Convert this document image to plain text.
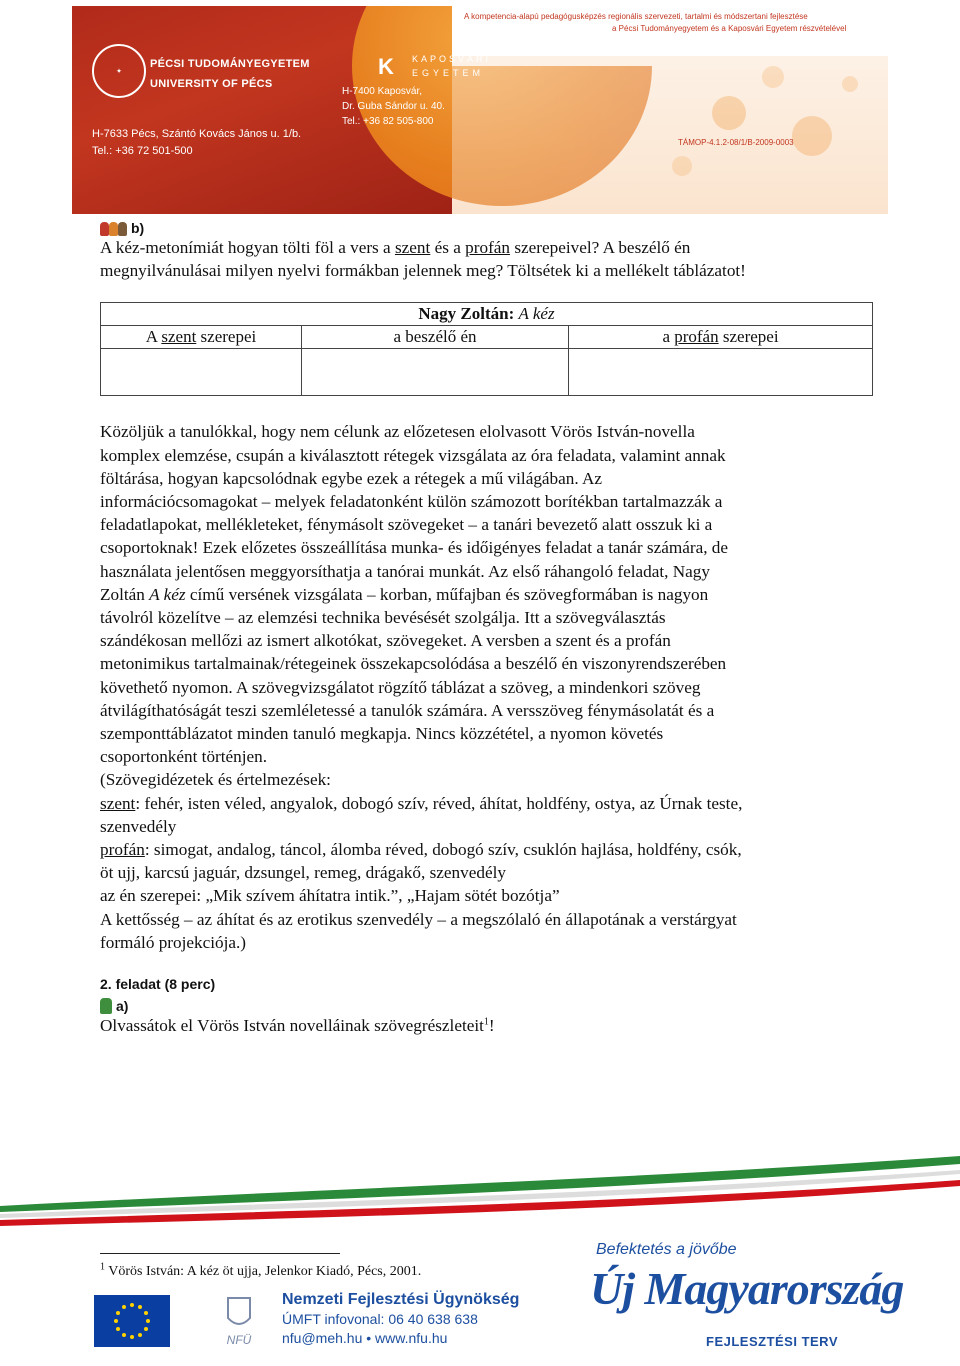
A kompetencia-alapú pedagógusképzés regionális szervezeti, tartalmi és módszertani fejlesztése
a Pécsi Tudományegyetem és a Kaposvári Egyetem részvételével
✦
PÉCSI TUDOMÁNYEGYETEM
UNIVERSITY OF PÉCS
H-7633 Pécs, Szántó Kovács János u. 1/b.
Tel.: +36 72 501-500
K	KAPOSVÁRI
EGYETEM
H-7400 Kaposvár,
Dr. Guba Sándor u. 40.
Tel.: +36 82 505-800
TÁMOP-4.1.2-08/1/B-2009-0003
b)

A kéz-metonímiát hogyan tölti föl a vers a szent és a profán szerepeivel? A beszélő én
megnyilvánulásai milyen nyelvi formákban jelennek meg? Töltsétek ki a mellékelt táblázatot!

Nagy Zoltán: A kéz		
A szent szerepei	a beszélő én	a profán szerepei

Közöljük a tanulókkal, hogy nem célunk az előzetesen elolvasott Vörös István-novella
komplex elemzése, csupán a kiválasztott rétegek vizsgálata az óra feladata, valamint annak
föltárása, hogyan kapcsolódnak egybe ezek a rétegek a mű világában. Az
információcsomagokat – melyek feladatonként külön számozott borítékban tartalmazzák a
feladatlapokat, mellékleteket, fénymásolt szövegeket – a tanári bevezető alatt osszuk ki a
csoportoknak! Ezek előzetes összeállítása munka- és időigényes feladat a tanár számára, de
használata jelentősen meggyorsíthatja a tanórai munkát. Az első ráhangoló feladat, Nagy
Zoltán A kéz című versének vizsgálata – korban, műfajban és szövegformában is nagyon
távolról közelítve – az elemzési technika bevésését szolgálja. Itt a szövegválasztás
szándékosan mellőzi az ismert alkotókat, szövegeket. A versben a szent és a profán
metonimikus tartalmainak/rétegeinek összekapcsolódása a beszélő én viszonyrendszerében
követhető nyomon. A szövegvizsgálatot rögzítő táblázat a szöveg, a mindenkori szöveg
átvilágíthatóságát teszi szemléletessé a tanulók számára. A versszöveg fénymásolatát és a
szemponttáblázatot minden tanuló megkapja. Nincs közzététel, a nyomon követés
csoportonként történjen.
(Szövegidézetek és értelmezések:
szent: fehér, isten véled, angyalok, dobogó szív, réved, áhítat, holdfény, ostya, az Úrnak teste,
szenvedély
profán: simogat, andalog, táncol, álomba réved, dobogó szív, csuklón hajlása, holdfény, csók,
öt ujj, karcsú jaguár, dzsungel, remeg, drágakő, szenvedély
az én szerepei: „Mik szívem áhítatra intik.”, „Hajam sötét bozótja”
A kettősség – az áhítat és az erotikus szenvedély – a megszólaló én állapotának a verstárgyat
formáló projekciója.)

2. feladat (8 perc)
a)

Olvassátok el Vörös István novelláinak szövegrészleteit$^1$!

$^1$ Vörös István: A kéz öt ujja, Jelenkor Kiadó, Pécs, 2001.
NFÜ
Nemzeti Fejlesztési Ügynökség
ÚMFT infovonal: 06 40 638 638
nfu@meh.hu • www.nfu.hu
Befektetés a jövőbe
Új Magyarország
FEJLESZTÉSI TERV
